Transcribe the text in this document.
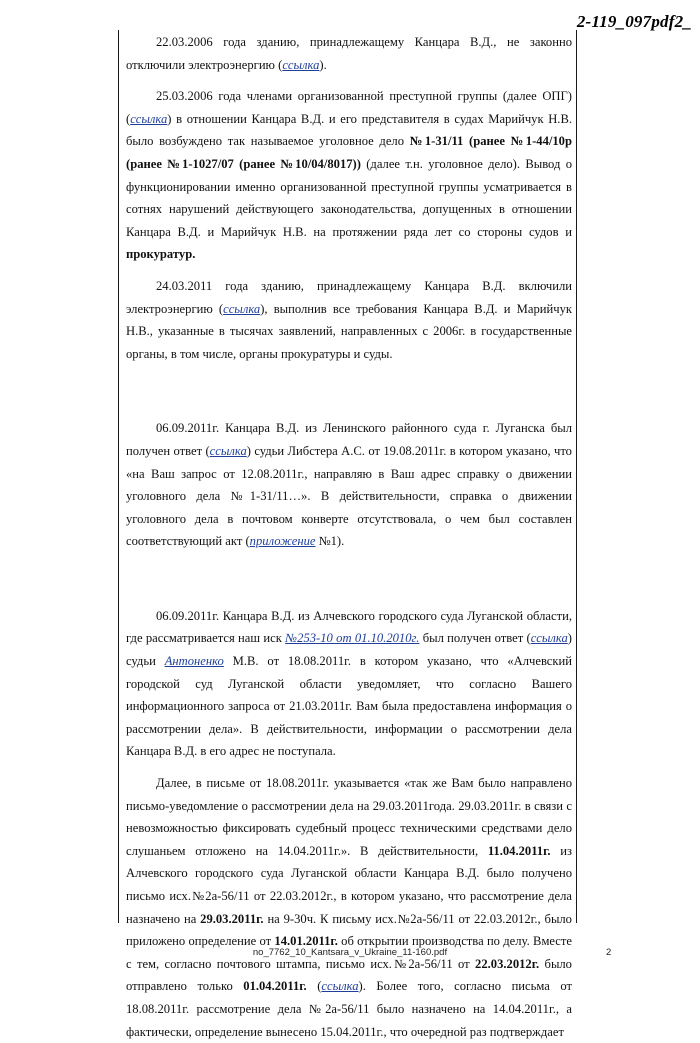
2-119_097pdf2_

22.03.2006 года зданию, принадлежащему Канцара В.Д., не законно отключили электроэнергию (ссылка).

25.03.2006 года членами организованной преступной группы (далее ОПГ) (ссылка) в отношении Канцара В.Д. и его представителя в судах Марийчук Н.В. было возбуждено так называемое уголовное дело №1-31/11 (ранее №1-44/10р (ранее №1-1027/07 (ранее №10/04/8017)) (далее т.н. уголовное дело). Вывод о функционировании именно организованной преступной группы усматривается в сотнях нарушений действующего законодательства, допущенных в отношении Канцара В.Д. и Марийчук Н.В. на протяжении ряда лет со стороны судов и прокуратур.

24.03.2011 года зданию, принадлежащему Канцара В.Д. включили электроэнергию (ссылка), выполнив все требования Канцара В.Д. и Марийчук Н.В., указанные в тысячах заявлений, направленных с 2006г. в государственные органы, в том числе, органы прокуратуры и суды.

06.09.2011г. Канцара В.Д. из Ленинского районного суда г. Луганска был получен ответ (ссылка) судьи Либстера А.С. от 19.08.2011г. в котором указано, что «на Ваш запрос от 12.08.2011г., направляю в Ваш адрес справку о движении уголовного дела №1-31/11…». В действительности, справка о движении уголовного дела в почтовом конверте отсутствовала, о чем был составлен соответствующий акт (приложение №1).

06.09.2011г. Канцара В.Д. из Алчевского городского суда Луганской области, где рассматривается наш иск №253-10 от 01.10.2010г. был получен ответ (ссылка) судьи Антоненко М.В. от 18.08.2011г. в котором указано, что «Алчевский городской суд Луганской области уведомляет, что согласно Вашего информационного запроса от 21.03.2011г. Вам была предоставлена информация о рассмотрении дела». В действительности, информации о рассмотрении дела Канцара В.Д. в его адрес не поступала.

Далее, в письме от 18.08.2011г. указывается «так же Вам было направлено письмо-уведомление о рассмотрении дела на 29.03.2011года. 29.03.2011г. в связи с невозможностью фиксировать судебный процесс техническими средствами дело слушаньем отложено на 14.04.2011г.». В действительности, 11.04.2011г. из Алчевского городского суда Луганской области Канцара В.Д. было получено письмо исх.№2а-56/11 от 22.03.2012г., в котором указано, что рассмотрение дела назначено на 29.03.2011г. на 9-30ч. К письму исх.№2а-56/11 от 22.03.2012г., было приложено определение от 14.01.2011г. об открытии производства по делу. Вместе с тем, согласно почтового штампа, письмо исх.№2а-56/11 от 22.03.2012г. было отправлено только 01.04.2011г. (ссылка). Более того, согласно письма от 18.08.2011г. рассмотрение дела №2а-56/11 было назначено на 14.04.2011г., а фактически, определение вынесено 15.04.2011г., что очередной раз подтверждает

no_7762_10_Kantsara_v_Ukraine_11-160.pdf	2
